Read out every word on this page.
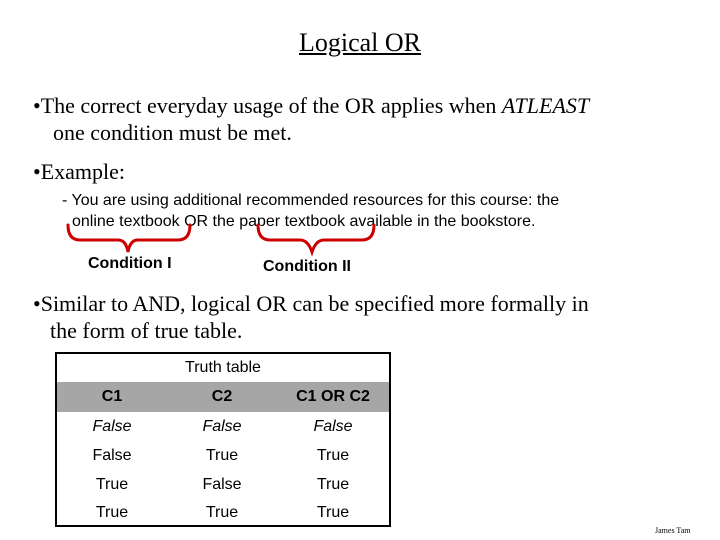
Logical OR
•The correct everyday usage of the OR applies when ATLEAST
one condition must be met.
•Example:
- You are using additional recommended resources for this course: the
online textbook OR the paper textbook available in the bookstore.
Condition I	Condition II
•Similar to AND, logical OR can be specified more formally in
the form of true table.
Truth table
C1	C2	C1 OR C2
False	False	False
False	True	True
True	False	True
True	True	True
James Tam
